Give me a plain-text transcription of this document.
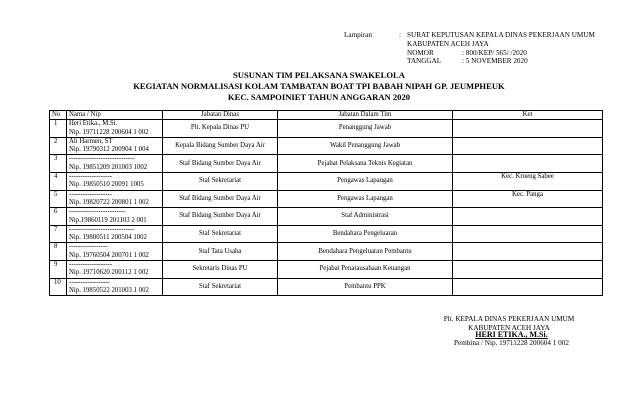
Lampiran	: SURAT KEPUTUSAN KEPALA DINAS PEKERJAAN UMUM
KABUPATEN ACEH JAYA
NOMOR	: 800/KEP/ 565/ /2020
TANGGAL	: 5 NOVEMBER 2020
SUSUNAN TIM PELAKSANA SWAKELOLA
KEGIATAN NORMALISASI KOLAM TAMBATAN BOAT TPI BABAH NIPAH GP. JEUMPHEUK
KEC. SAMPOINIET TAHUN ANGGARAN 2020
No	Nama / Nip	Jabatan Dinas	Jabatan Dalam Tim	Ket

1	Heri Etika., M.Si.
Nip. 19711228 200604 1 002	Plt. Kepala Dinas PU	Penanggung Jawab	

2	Ali Harmen, ST
Nip. 19790312 200904 1 004	Kepala Bidang Sumber Daya Air	Wakil Penanggung Jawab	

3	-----------------------------
Nip. 19851209 201003 1002	Staf Bidang Sumber Daya Air	Pejabat Pelaksana Teknis Kegiatan	

4	-------------------
Nip. 19850510 20091 1005	Staf Sekretariat	Pengawas Lapangan	Kec. Krueng Sabee

5	-------------------
Nip. 19820722 200801 1 002	Staf Bidang Sumber Daya Air	Pengawas Lapangan	Kec. Panga

6	-------------------------
Nip.19860119 201103 2 001	Staf Bidang Sumber Daya Air	Staf Administrasi	

7	-----------------------------
Nip. 19800511 200504 1002	Staf Sekretariat	Bendahara Pengeluaran	

8	-----------------
Nip. 19760504 200701 1 002	Staf Tata Usaha	Bendahara Pengeluaran Pembantu	

9	-------------------
Nip. 19710620 200112 1 002	Sekretaris Dinas PU	Pejabat Penatausahaan Keuangan	

10	------------------
Nip. 19850522 201003 1 002	Staf Sekretariat	Pembantu PPK	

Plt. KEPALA DINAS PEKERJAAN UMUM
KABUPATEN ACEH JAYA
HERI ETIKA., M.Si.
Pembina / Nip. 19711228 200604 1 002
